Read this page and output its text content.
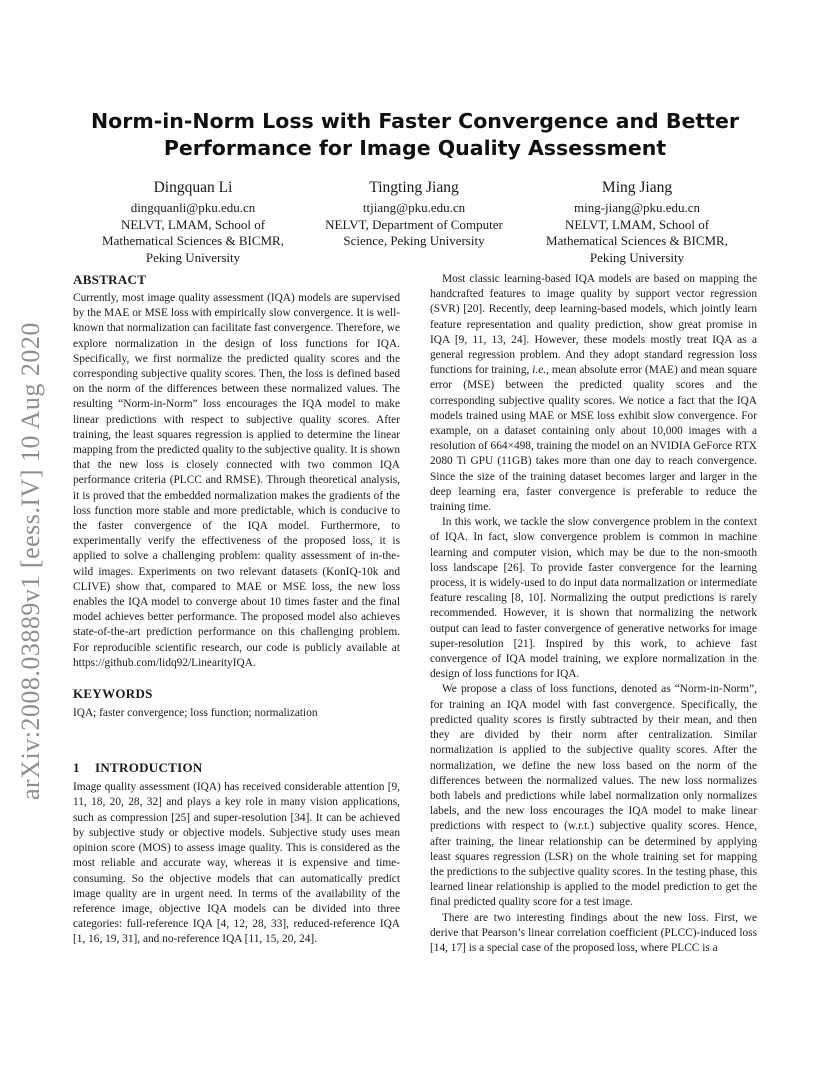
arXiv:2008.03889v1 [eess.IV] 10 Aug 2020
Norm-in-Norm Loss with Faster Convergence and Better
Performance for Image Quality Assessment
Dingquan Li
dingquanli@pku.edu.cn
NELVT, LMAM, School of
Mathematical Sciences & BICMR,
Peking University
Tingting Jiang
ttjiang@pku.edu.cn
NELVT, Department of Computer
Science, Peking University
Ming Jiang
ming-jiang@pku.edu.cn
NELVT, LMAM, School of
Mathematical Sciences & BICMR,
Peking University
ABSTRACT

Currently, most image quality assessment (IQA) models are supervised by the MAE or MSE loss with empirically slow convergence. It is well-known that normalization can facilitate fast convergence. Therefore, we explore normalization in the design of loss functions for IQA. Specifically, we first normalize the predicted quality scores and the corresponding subjective quality scores. Then, the loss is defined based on the norm of the differences between these normalized values. The resulting “Norm-in-Norm” loss encourages the IQA model to make linear predictions with respect to subjective quality scores. After training, the least squares regression is applied to determine the linear mapping from the predicted quality to the subjective quality. It is shown that the new loss is closely connected with two common IQA performance criteria (PLCC and RMSE). Through theoretical analysis, it is proved that the embedded normalization makes the gradients of the loss function more stable and more predictable, which is conducive to the faster convergence of the IQA model. Furthermore, to experimentally verify the effectiveness of the proposed loss, it is applied to solve a challenging problem: quality assessment of in-the-wild images. Experiments on two relevant datasets (KonIQ-10k and CLIVE) show that, compared to MAE or MSE loss, the new loss enables the IQA model to converge about 10 times faster and the final model achieves better performance. The proposed model also achieves state-of-the-art prediction performance on this challenging problem. For reproducible scientific research, our code is publicly available at https://github.com/lidq92/LinearityIQA.

KEYWORDS

IQA; faster convergence; loss function; normalization

1 INTRODUCTION

Image quality assessment (IQA) has received considerable attention [9, 11, 18, 20, 28, 32] and plays a key role in many vision applications, such as compression [25] and super-resolution [34]. It can be achieved by subjective study or objective models. Subjective study uses mean opinion score (MOS) to assess image quality. This is considered as the most reliable and accurate way, whereas it is expensive and time-consuming. So the objective models that can automatically predict image quality are in urgent need. In terms of the availability of the reference image, objective IQA models can be divided into three categories: full-reference IQA [4, 12, 28, 33], reduced-reference IQA [1, 16, 19, 31], and no-reference IQA [11, 15, 20, 24].

Most classic learning-based IQA models are based on mapping the handcrafted features to image quality by support vector regression (SVR) [20]. Recently, deep learning-based models, which jointly learn feature representation and quality prediction, show great promise in IQA [9, 11, 13, 24]. However, these models mostly treat IQA as a general regression problem. And they adopt standard regression loss functions for training, i.e., mean absolute error (MAE) and mean square error (MSE) between the predicted quality scores and the corresponding subjective quality scores. We notice a fact that the IQA models trained using MAE or MSE loss exhibit slow convergence. For example, on a dataset containing only about 10,000 images with a resolution of 664×498, training the model on an NVIDIA GeForce RTX 2080 Ti GPU (11GB) takes more than one day to reach convergence. Since the size of the training dataset becomes larger and larger in the deep learning era, faster convergence is preferable to reduce the training time.

In this work, we tackle the slow convergence problem in the context of IQA. In fact, slow convergence problem is common in machine learning and computer vision, which may be due to the non-smooth loss landscape [26]. To provide faster convergence for the learning process, it is widely-used to do input data normalization or intermediate feature rescaling [8, 10]. Normalizing the output predictions is rarely recommended. However, it is shown that normalizing the network output can lead to faster convergence of generative networks for image super-resolution [21]. Inspired by this work, to achieve fast convergence of IQA model training, we explore normalization in the design of loss functions for IQA.

We propose a class of loss functions, denoted as “Norm-in-Norm”, for training an IQA model with fast convergence. Specifically, the predicted quality scores is firstly subtracted by their mean, and then they are divided by their norm after centralization. Similar normalization is applied to the subjective quality scores. After the normalization, we define the new loss based on the norm of the differences between the normalized values. The new loss normalizes both labels and predictions while label normalization only normalizes labels, and the new loss encourages the IQA model to make linear predictions with respect to (w.r.t.) subjective quality scores. Hence, after training, the linear relationship can be determined by applying least squares regression (LSR) on the whole training set for mapping the predictions to the subjective quality scores. In the testing phase, this learned linear relationship is applied to the model prediction to get the final predicted quality score for a test image.

There are two interesting findings about the new loss. First, we derive that Pearson’s linear correlation coefficient (PLCC)-induced loss [14, 17] is a special case of the proposed loss, where PLCC is a
